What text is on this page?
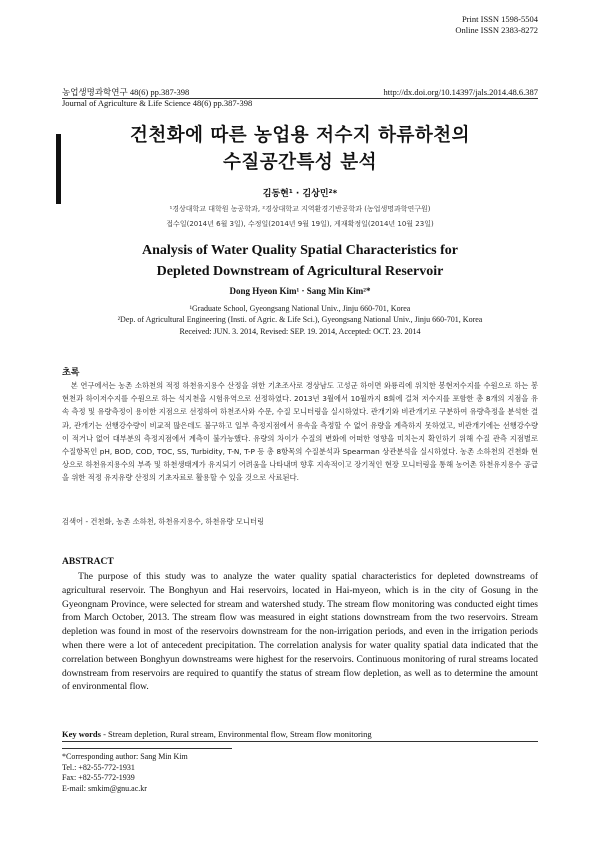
Print ISSN 1598-5504
Online ISSN 2383-8272
농업생명과학연구 48(6) pp.387-398
Journal of Agriculture & Life Science 48(6) pp.387-398
http://dx.doi.org/10.14397/jals.2014.48.6.387
건천화에 따른 농업용 저수지 하류하천의
수질공간특성 분석
김동현¹ · 김상민²*
¹경상대학교 대학원 농공학과, ²경상대학교 지역환경기반공학과 (농업생명과학연구원)
접수일(2014년 6월 3일), 수정일(2014년 9월 19일), 게재확정일(2014년 10월 23일)
Analysis of Water Quality Spatial Characteristics for
Depleted Downstream of Agricultural Reservoir
Dong Hyeon Kim¹ · Sang Min Kim²*
¹Graduate School, Gyeongsang National Univ., Jinju 660-701, Korea
²Dep. of Agricultural Engineering (Insti. of Agric. & Life Sci.), Gyeongsang National Univ., Jinju 660-701, Korea
Received: JUN. 3. 2014, Revised: SEP. 19. 2014, Accepted: OCT. 23. 2014
초록
본 연구에서는 농촌 소하천의 적정 하천유지용수 산정을 위한 기초조사로 경상남도 고성군 하이면 와룡리에 위치한 봉현저수지를 수원으로 하는 봉현천과 하이저수지를 수원으로 하는 석지천을 시험유역으로 선정하였다. 2013년 3월에서 10월까지 8회에 걸쳐 저수지를 포함한 총 8개의 지점을 유속 측정 및 유량측정이 용이한 지점으로 선정하여 하천조사와 수문, 수질 모니터링을 실시하였다. 관개기와 비관개기로 구분하여 유량측정을 분석한 결과, 관개기는 선행강수량이 비교적 많은데도 불구하고 일부 측정지점에서 유속을 측정할 수 없어 유량을 계측하지 못하였고, 비관개기에는 선행강수량이 적거나 없어 대부분의 측정지점에서 계측이 불가능했다. 유량의 차이가 수질의 변화에 어떠한 영향을 미치는지 확인하기 위해 수질 관측 지점별로 수질항목인 pH, BOD, COD, TOC, SS, Turbidity, T-N, T-P 등 총 8항목의 수질분석과 Spearman 상관분석을 실시하였다. 농촌 소하천의 건천화 현상으로 하천유지용수의 부족 및 하천생태계가 유지되기 어려움을 나타내며 향후 지속적이고 장기적인 현장 모니터링을 통해 농어촌 하천유지용수 공급을 위한 적정 유지유량 산정의 기초자료로 활용할 수 있을 것으로 사료된다.
검색어 - 건천화, 농촌 소하천, 하천유지용수, 하천유량 모니터링
ABSTRACT
The purpose of this study was to analyze the water quality spatial characteristics for depleted downstreams of agricultural reservoir. The Bonghyun and Hai reservoirs, located in Hai-myeon, which is in the city of Gosung in the Gyeongnam Province, were selected for stream and watershed study. The stream flow monitoring was conducted eight times from March October, 2013. The stream flow was measured in eight stations downstream from the two reservoirs. Stream depletion was found in most of the reservoirs downstream for the non-irrigation periods, and even in the irrigation periods when there were a lot of antecedent precipitation. The correlation analysis for water quality spatial data indicated that the correlation between Bonghyun downstreams were highest for the reservoirs. Continuous monitoring of rural streams located downstream from reservoirs are required to quantify the status of stream flow depletion, as well as to determine the amount of environmental flow.
Key words - Stream depletion, Rural stream, Environmental flow, Stream flow monitoring
*Corresponding author: Sang Min Kim
Tel.: +82-55-772-1931
Fax: +82-55-772-1939
E-mail: smkim@gnu.ac.kr
